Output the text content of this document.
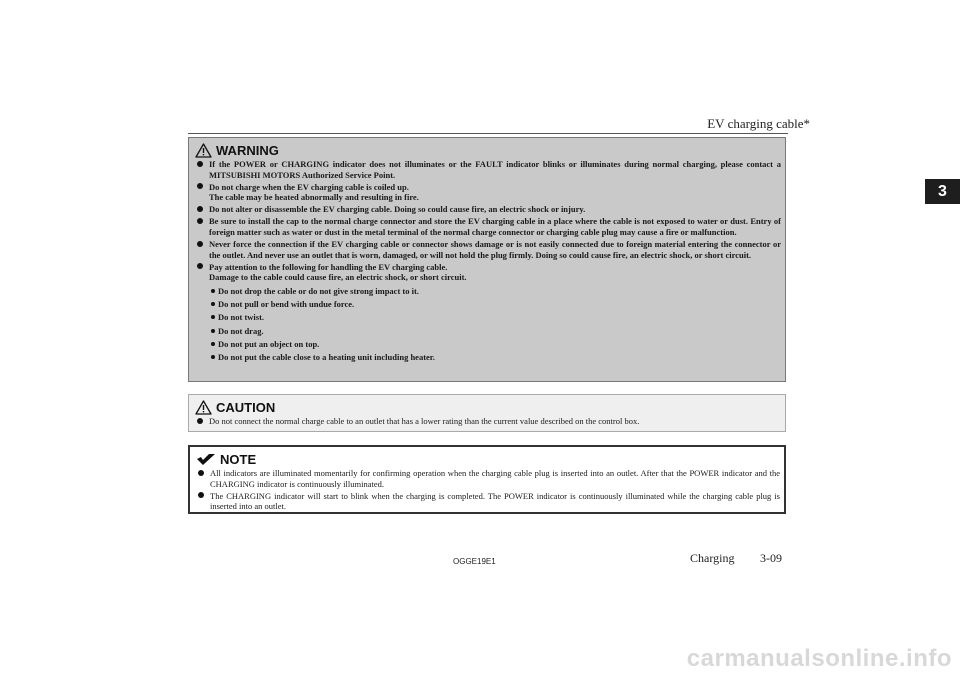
EV charging cable*
3
WARNING
If the POWER or CHARGING indicator does not illuminates or the FAULT indicator blinks or illuminates during normal charging, please contact a MITSUBISHI MOTORS Authorized Service Point.
Do not charge when the EV charging cable is coiled up.
The cable may be heated abnormally and resulting in fire.
Do not alter or disassemble the EV charging cable. Doing so could cause fire, an electric shock or injury.
Be sure to install the cap to the normal charge connector and store the EV charging cable in a place where the cable is not exposed to water or dust. Entry of foreign matter such as water or dust in the metal terminal of the normal charge connector or charging cable plug may cause a fire or malfunction.
Never force the connection if the EV charging cable or connector shows damage or is not easily connected due to foreign material entering the connector or the outlet. And never use an outlet that is worn, damaged, or will not hold the plug firmly. Doing so could cause fire, an electric shock, or short circuit.
Pay attention to the following for handling the EV charging cable.
Damage to the cable could cause fire, an electric shock, or short circuit.
Do not drop the cable or do not give strong impact to it.
Do not pull or bend with undue force.
Do not twist.
Do not drag.
Do not put an object on top.
Do not put the cable close to a heating unit including heater.
CAUTION
Do not connect the normal charge cable to an outlet that has a lower rating than the current value described on the control box.
NOTE
All indicators are illuminated momentarily for confirming operation when the charging cable plug is inserted into an outlet. After that the POWER indicator and the CHARGING indicator is continuously illuminated.
The CHARGING indicator will start to blink when the charging is completed. The POWER indicator is continuously illuminated while the charging cable plug is inserted into an outlet.
OGGE19E1	Charging 3-09
carmanualsonline.info
